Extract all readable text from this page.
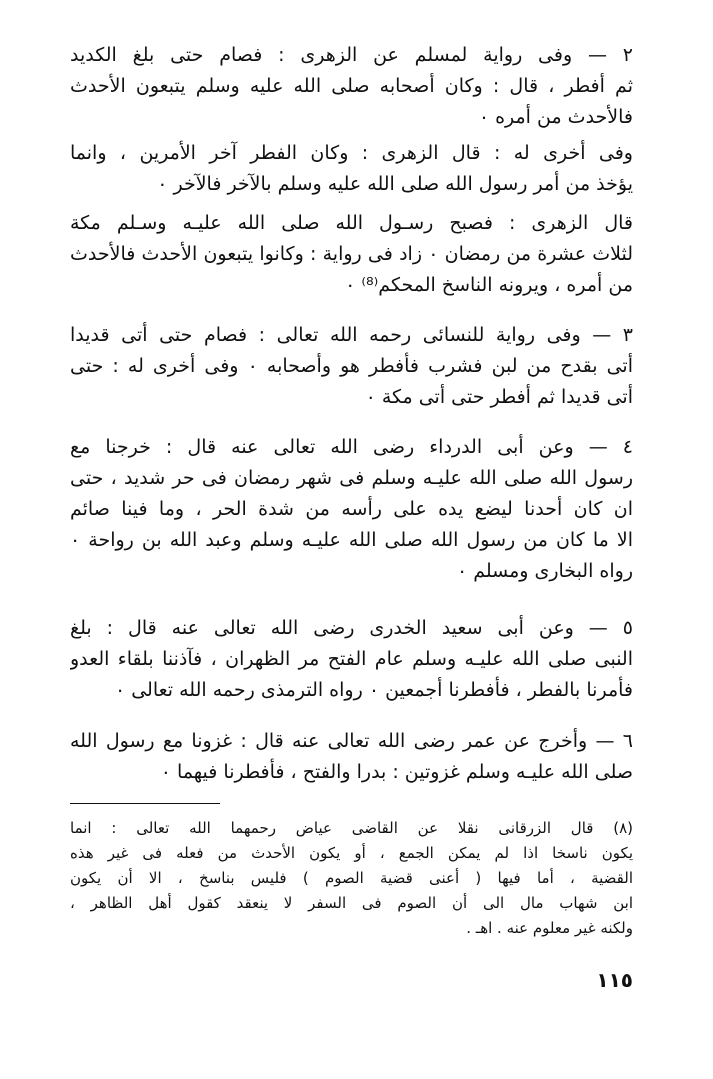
٢ — وفى رواية لمسلم عن الزهرى : فصام حتى بلغ الكديد
ثم أفطر ، قال : وكان أصحابه صلى الله عليه وسلم يتبعون الأحدث
فالأحدث من أمره ٠
وفى أخرى له : قال الزهرى : وكان الفطر آخر الأمرين ، وانما
يؤخذ من أمر رسول الله صلى الله عليه وسلم بالآخر فالآخر ٠
قال الزهرى : فصبح رسـول الله صلى الله عليـه وسـلم مكة
لثلاث عشرة من رمضان ٠ زاد فى رواية : وكانوا يتبعون الأحدث فالأحدث
من أمره ، ويرونه الناسخ المحكم⁽⁸⁾ ٠
٣ — وفى رواية للنسائى رحمه الله تعالى : فصام حتى أتى قديدا
أتى بقدح من لبن فشرب فأفطر هو وأصحابه ٠ وفى أخرى له : حتى
أتى قديدا ثم أفطر حتى أتى مكة ٠
٤ — وعن أبى الدرداء رضى الله تعالى عنه قال : خرجنا مع
رسول الله صلى الله عليـه وسلم فى شهر رمضان فى حر شديد ، حتى
ان كان أحدنا ليضع يده على رأسه من شدة الحر ، وما فينا صائم
الا ما كان من رسول الله صلى الله عليـه وسلم وعبد الله بن رواحة ٠
رواه البخارى ومسلم ٠
٥ — وعن أبى سعيد الخدرى رضى الله تعالى عنه قال : بلغ
النبى صلى الله عليـه وسلم عام الفتح مر الظهران ، فآذننا بلقاء العدو
فأمرنا بالفطر ، فأفطرنا أجمعين ٠ رواه الترمذى رحمه الله تعالى ٠
٦ — وأخرج عن عمر رضى الله تعالى عنه قال : غزونا مع رسول الله
صلى الله عليـه وسلم غزوتين : بدرا والفتح ، فأفطرنا فيهما ٠
(٨) قال الزرقانى نقلا عن القاضى عياض رحمهما الله تعالى : انما
يكون ناسخا اذا لم يمكن الجمع ، أو يكون الأحدث من فعله فى غير هذه
القضية ، أما فيها ( أعنى قضية الصوم ) فليس بناسخ ، الا أن يكون
ابن شهاب مال الى أن الصوم فى السفر لا ينعقد كقول أهل الظاهر ،
ولكنه غير معلوم عنه . اهـ .
١١٥
